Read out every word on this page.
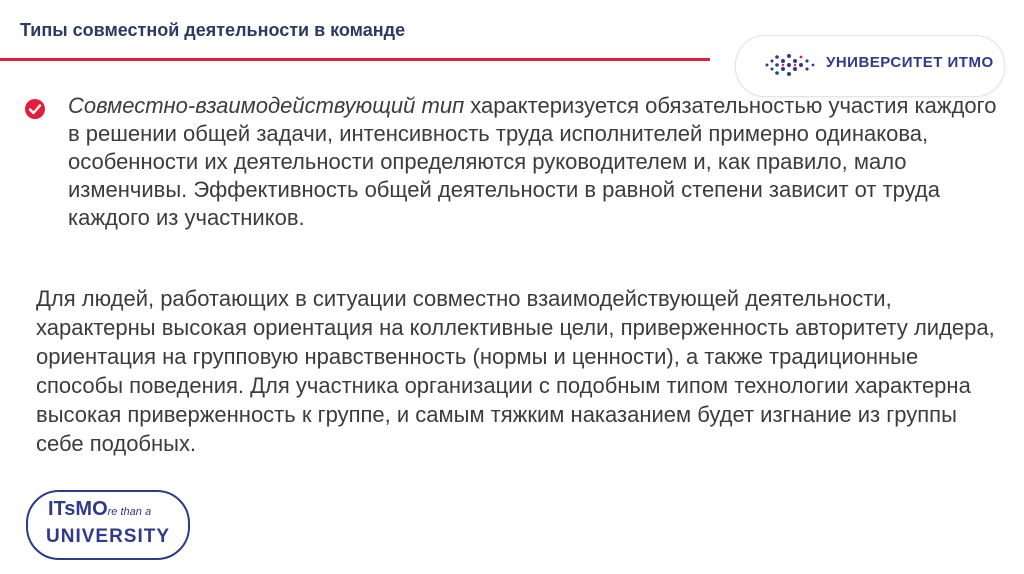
Типы совместной деятельности в команде
УНИВЕРСИТЕТ ИТМО
Совместно-взаимодействующий тип характеризуется обязательностью участия каждого в решении общей задачи, интенсивность труда исполнителей примерно одинакова, особенности их деятельности определяются руководителем и, как правило, мало изменчивы. Эффективность общей деятельности в равной степени зависит от труда каждого из участников.
Для людей, работающих в ситуации совместно взаимодействующей деятельности, характерны высокая ориентация на коллективные цели, приверженность авторитету лидера, ориентация на групповую нравственность (нормы и ценности), а также традиционные способы поведения. Для участника организации с подобным типом технологии характерна высокая приверженность к группе, и самым тяжким наказанием будет изгнание из группы себе подобных.
ITsMOre than a
UNIVERSITY
